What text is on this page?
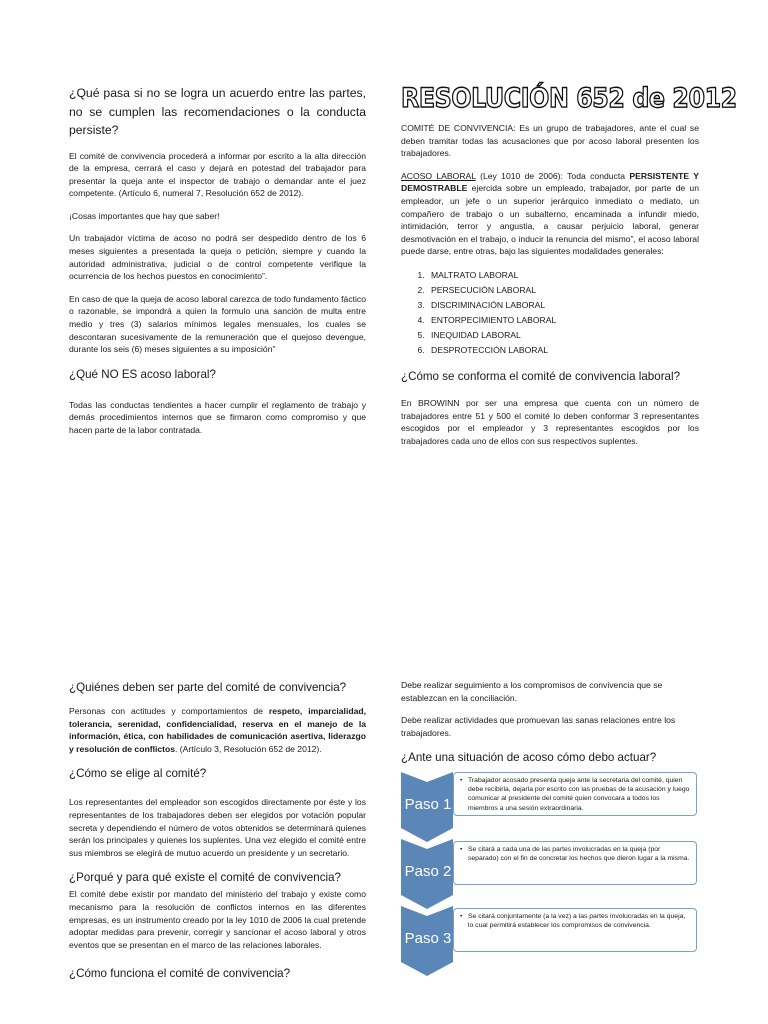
¿Qué pasa si no se logra un acuerdo entre las partes, no se cumplen las recomendaciones o la conducta persiste?

El comité de convivencia procederá a informar por escrito a la alta dirección de la empresa, cerrará el caso y dejará en potestad del trabajador para presentar la queja ante el inspector de trabajo o demandar ante el juez competente. (Artículo 6, numeral 7, Resolución 652 de 2012).

¡Cosas importantes que hay que saber!

Un trabajador víctima de acoso no podrá ser despedido dentro de los 6 meses siguientes a presentada la queja o petición, siempre y cuando la autoridad administrativa, judicial o de control competente verifique la ocurrencia de los hechos puestos en conocimiento”.

En caso de que la queja de acoso laboral carezca de todo fundamento fáctico o razonable, se impondrá a quien la formulo una sanción de multa entre medio y tres (3) salarios mínimos legales mensuales, los cuales se descontaran sucesivamente de la remuneración que el quejoso devengue, durante los seis (6) meses siguientes a su imposición”

¿Qué NO ES acoso laboral?

Todas las conductas tendientes a hacer cumplir el reglamento de trabajo y demás procedimientos internos que se firmaron como compromiso y que hacen parte de la labor contratada.

RESOLUCIÓN 652 de 2012

COMITÉ DE CONVIVENCIA: Es un grupo de trabajadores, ante el cual se deben tramitar todas las acusaciones que por acoso laboral presenten los trabajadores.

ACOSO LABORAL (Ley 1010 de 2006): Toda conducta PERSISTENTE Y DEMOSTRABLE ejercida sobre un empleado, trabajador, por parte de un empleador, un jefe o un superior jerárquico inmediato o mediato, un compañero de trabajo o un subalterno, encaminada a infundir miedo, intimidación, terror y angustia, a causar perjuicio laboral, generar desmotivación en el trabajo, o inducir la renuncia del mismo”, el acoso laboral puede darse, entre otras, bajo las siguientes modalidades generales:

1. MALTRATO LABORAL
2. PERSECUCIÓN LABORAL
3. DISCRIMINACIÓN LABORAL
4. ENTORPECIMIENTO LABORAL
5. INEQUIDAD LABORAL
6. DESPROTECCIÓN LABORAL

¿Cómo se conforma el comité de convivencia laboral?

En BROWINN por ser una empresa que cuenta con un número de trabajadores entre 51 y 500 el comité lo deben conformar 3 representantes escogidos por el empleador y 3 representantes escogidos por los trabajadores cada uno de ellos con sus respectivos suplentes.

¿Quiénes deben ser parte del comité de convivencia?

Personas con actitudes y comportamientos de respeto, imparcialidad, tolerancia, serenidad, confidencialidad, reserva en el manejo de la información, ética, con habilidades de comunicación asertiva, liderazgo y resolución de conflictos. (Artículo 3, Resolución 652 de 2012).

¿Cómo se elige al comité?

Los representantes del empleador son escogidos directamente por éste y los representantes de los trabajadores deben ser elegidos por votación popular secreta y dependiendo el número de votos obtenidos se determinará quienes serán los principales y quienes los suplentes. Una vez elegido el comité entre sus miembros se elegirá de mutuo acuerdo un presidente y un secretario.

¿Porqué y para qué existe el comité de convivencia?

El comité debe existir por mandato del ministerio del trabajo y existe como mecanismo para la resolución de conflictos internos en las diferentes empresas, es un instrumento creado por la ley 1010 de 2006 la cual pretende adoptar medidas para prevenir, corregir y sancionar el acoso laboral y otros eventos que se presentan en el marco de las relaciones laborales.

¿Cómo funciona el comité de convivencia?

Debe realizar seguimiento a los compromisos de convivencia que se establezcan en la conciliación.

Debe realizar actividades que promuevan las sanas relaciones entre los trabajadores.

¿Ante una situación de acoso cómo debo actuar?

Paso 1
• Trabajador acosado presenta queja ante la secretaria del comité, quien debe recibirla, dejarla por escrito con las pruebas de la acusación y luego comunicar al presidente del comité quien convocara a todos los miembros a una sesión extraordinaria.
Paso 2
• Se citará a cada una de las partes involucradas en la queja (por separado) con el fin de concretar los hechos que dieron lugar a la misma.
Paso 3
• Se citará conjuntamente (a la vez) a las partes involucradas en la queja, lo cual permitirá establecer los compromisos de convivencia.
